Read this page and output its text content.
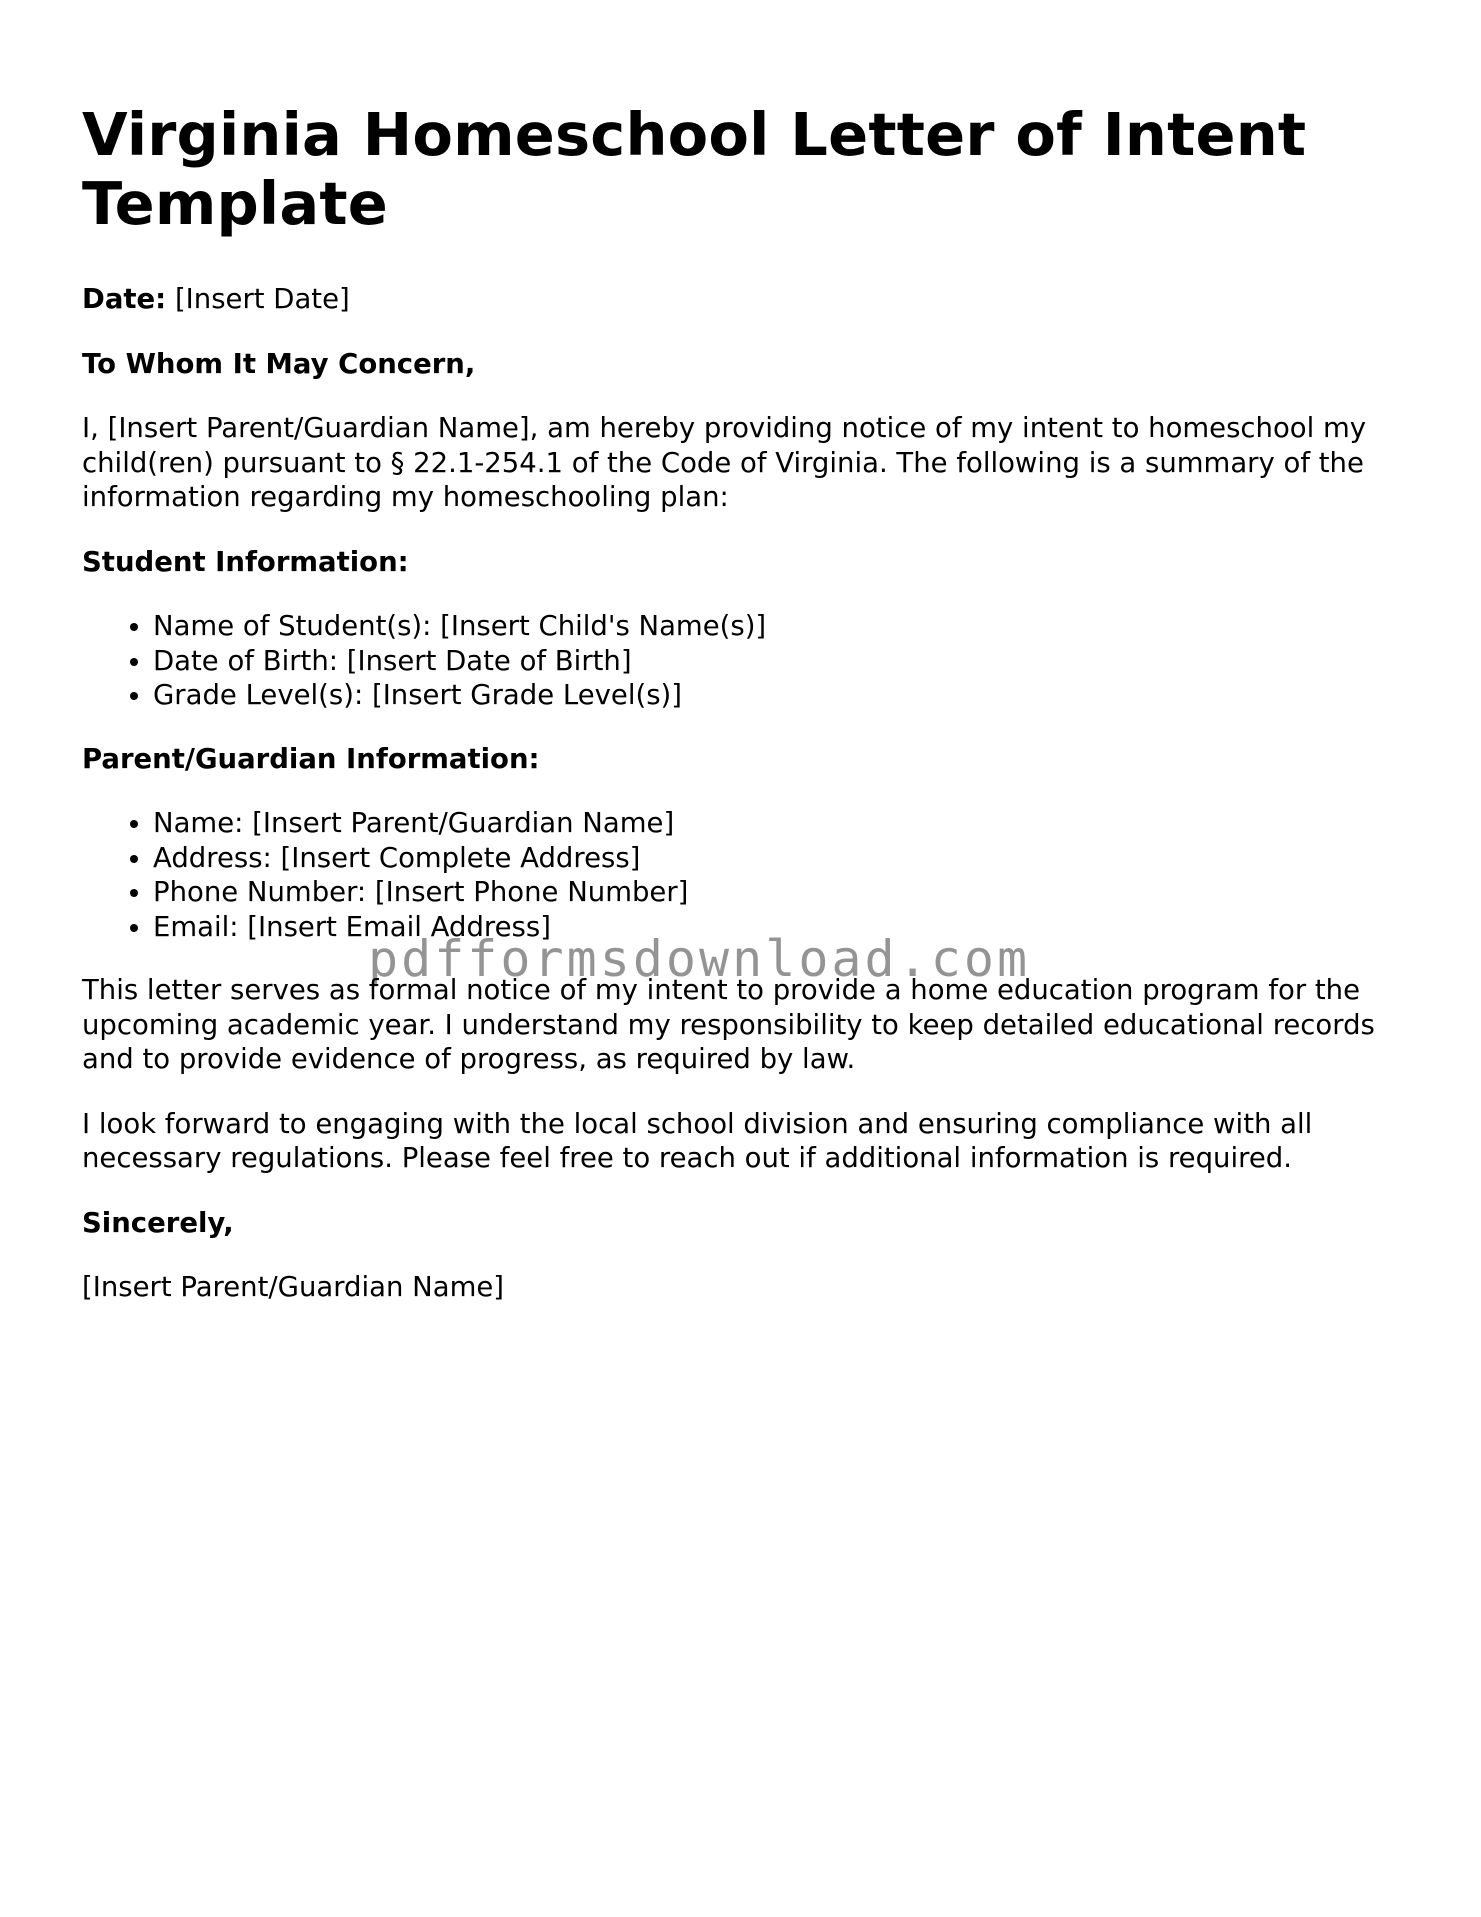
Virginia Homeschool Letter of Intent Template

Date: [Insert Date]

To Whom It May Concern,

I, [Insert Parent/Guardian Name], am hereby providing notice of my intent to homeschool my child(ren) pursuant to § 22.1-254.1 of the Code of Virginia. The following is a summary of the information regarding my homeschooling plan:

Student Information:

• Name of Student(s): [Insert Child's Name(s)]
• Date of Birth: [Insert Date of Birth]
• Grade Level(s): [Insert Grade Level(s)]

Parent/Guardian Information:

• Name: [Insert Parent/Guardian Name]
• Address: [Insert Complete Address]
• Phone Number: [Insert Phone Number]
• Email: [Insert Email Address]

This letter serves as formal notice of my intent to provide a home education program for the upcoming academic year. I understand my responsibility to keep detailed educational records and to provide evidence of progress, as required by law.

I look forward to engaging with the local school division and ensuring compliance with all necessary regulations. Please feel free to reach out if additional information is required.

Sincerely,

[Insert Parent/Guardian Name]

pdfformsdownload.com
